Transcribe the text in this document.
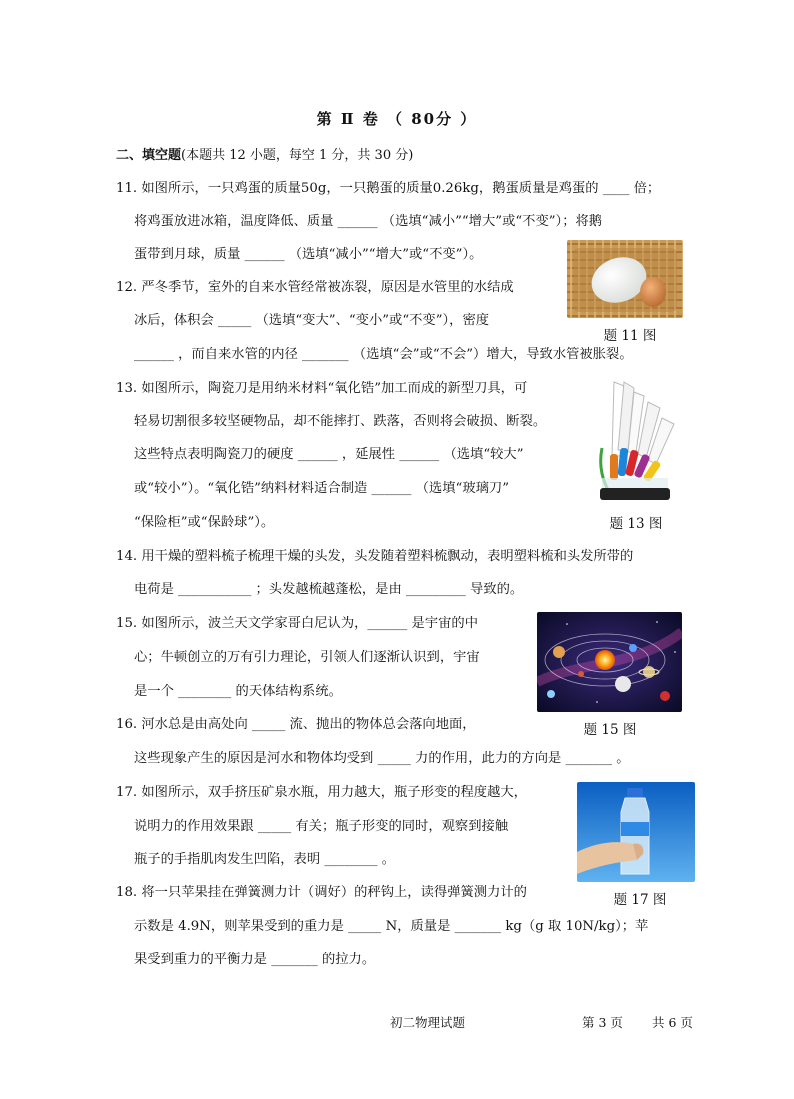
第 Ⅱ 卷 （ 80分 ）
二、填空题(本题共 12 小题，每空 1 分，共 30 分)
11. 如图所示，一只鸡蛋的质量50g，一只鹅蛋的质量0.26kg，鹅蛋质量是鸡蛋的 ____ 倍；
将鸡蛋放进冰箱，温度降低、质量 ______ （选填“减小”“增大”或“不变”）；将鹅
蛋带到月球，质量 ______ （选填“减小”“增大”或“不变”）。
题 11 图
12. 严冬季节，室外的自来水管经常被冻裂，原因是水管里的水结成
冰后，体积会 _____ （选填“变大”、“变小”或“不变”），密度
______ ，而自来水管的内径 _______ （选填“会”或“不会”）增大，导致水管被胀裂。
13. 如图所示，陶瓷刀是用纳米材料“氧化锆”加工而成的新型刀具，可
轻易切割很多较坚硬物品，却不能摔打、跌落，否则将会破损、断裂。
这些特点表明陶瓷刀的硬度 ______ ，延展性 ______ （选填“较大”
或“较小”）。“氧化锆”纳料材料适合制造 ______ （选填“玻璃刀”
“保险柜”或“保龄球”）。	题 13 图
14. 用干燥的塑料梳子梳理干燥的头发，头发随着塑料梳飘动，表明塑料梳和头发所带的
电荷是 ___________ ；头发越梳越蓬松，是由 _________ 导致的。
15. 如图所示，波兰天文学家哥白尼认为，______ 是宇宙的中
心；牛顿创立的万有引力理论，引领人们逐渐认识到，宇宙
是一个 ________ 的天体结构系统。
题 15 图
16. 河水总是由高处向 _____ 流、抛出的物体总会落向地面，
这些现象产生的原因是河水和物体均受到 _____ 力的作用，此力的方向是 _______ 。
17. 如图所示，双手挤压矿泉水瓶，用力越大，瓶子形变的程度越大，
说明力的作用效果跟 _____ 有关；瓶子形变的同时，观察到接触
瓶子的手指肌肉发生凹陷，表明 ________ 。
题 17 图
18. 将一只苹果挂在弹簧测力计（调好）的秤钩上，读得弹簧测力计的
示数是 4.9N，则苹果受到的重力是 _____ N，质量是 _______ kg（g 取 10N/kg）；苹
果受到重力的平衡力是 _______ 的拉力。
初二物理试题	第 3 页 共 6 页
